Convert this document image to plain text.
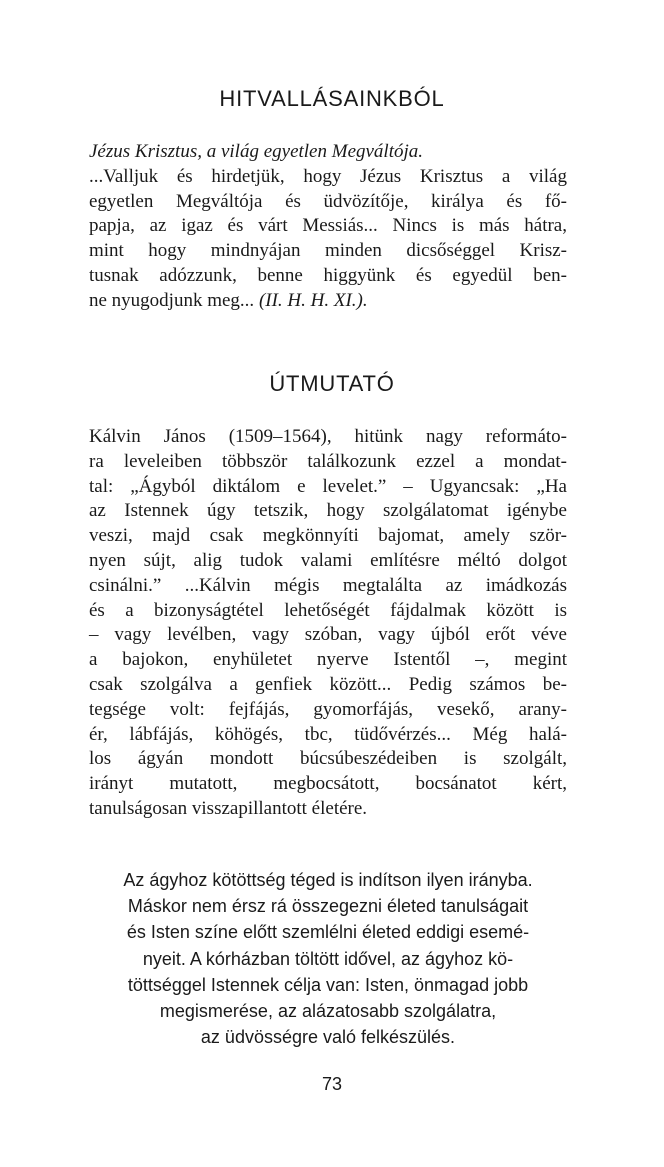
HITVALLÁSAINKBÓL
Jézus Krisztus, a világ egyetlen Megváltója.
...Valljuk és hirdetjük, hogy Jézus Krisztus a világ
egyetlen Megváltója és üdvözítője, királya és fő-
papja, az igaz és várt Messiás... Nincs is más hátra,
mint hogy mindnyájan minden dicsőséggel Krisz-
tusnak adózzunk, benne higgyünk és egyedül ben-
ne nyugodjunk meg... (II. H. H. XI.).
ÚTMUTATÓ
Kálvin János (1509–1564), hitünk nagy reformáto-
ra leveleiben többször találkozunk ezzel a mondat-
tal: „Ágyból diktálom e levelet.” – Ugyancsak: „Ha
az Istennek úgy tetszik, hogy szolgálatomat igénybe
veszi, majd csak megkönnyíti bajomat, amely ször-
nyen sújt, alig tudok valami említésre méltó dolgot
csinálni.” ...Kálvin mégis megtalálta az imádkozás
és a bizonyságtétel lehetőségét fájdalmak között is
– vagy levélben, vagy szóban, vagy újból erőt véve
a bajokon, enyhületet nyerve Istentől –, megint
csak szolgálva a genfiek között... Pedig számos be-
tegsége volt: fejfájás, gyomorfájás, vesekő, arany-
ér, lábfájás, köhögés, tbc, tüdővérzés... Még halá-
los ágyán mondott búcsúbeszédeiben is szolgált,
irányt mutatott, megbocsátott, bocsánatot kért,
tanulságosan visszapillantott életére.
Az ágyhoz kötöttség téged is indítson ilyen irányba.
Máskor nem érsz rá összegezni életed tanulságait
és Isten színe előtt szemlélni életed eddigi esemé-
nyeit. A kórházban töltött idővel, az ágyhoz kö-
töttséggel Istennek célja van: Isten, önmagad jobb
megismerése, az alázatosabb szolgálatra,
az üdvösségre való felkészülés.
73
